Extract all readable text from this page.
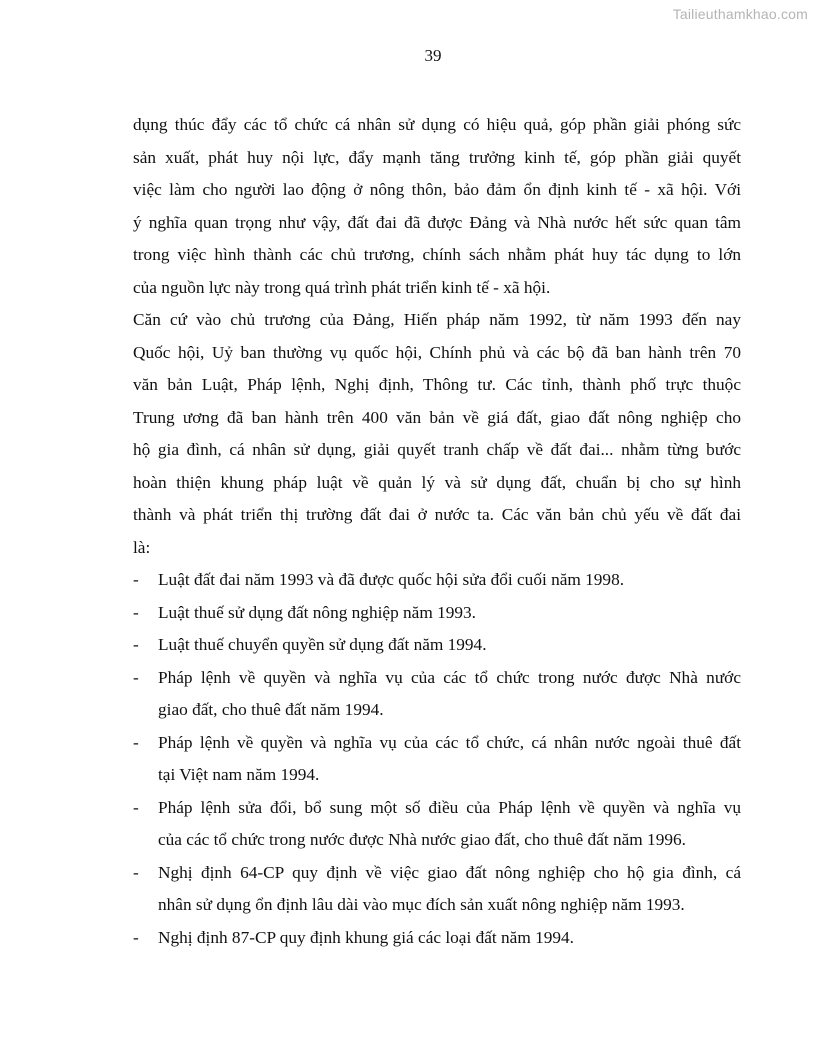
Tailieuthamkhao.com
39
dụng thúc đẩy các tổ chức cá nhân sử dụng có hiệu quả, góp phần giải phóng sức
sản xuất, phát huy nội lực, đẩy mạnh tăng trưởng kinh tế, góp phần giải quyết
việc làm cho người lao động ở nông thôn, bảo đảm ổn định kinh tế - xã hội. Với
ý nghĩa quan trọng như vậy, đất đai đã được Đảng và Nhà nước hết sức quan tâm
trong việc hình thành các chủ trương, chính sách nhằm phát huy tác dụng to lớn
của nguồn lực này trong quá trình phát triển kinh tế - xã hội.
Căn cứ vào chủ trương của Đảng, Hiến pháp năm 1992, từ năm 1993 đến nay
Quốc hội, Uỷ ban thường vụ quốc hội, Chính phủ và các bộ đã ban hành trên 70
văn bản Luật, Pháp lệnh, Nghị định, Thông tư. Các tỉnh, thành phố trực thuộc
Trung ương đã ban hành trên 400 văn bản về giá đất, giao đất nông nghiệp cho
hộ gia đình, cá nhân sử dụng, giải quyết tranh chấp về đất đai... nhằm từng bước
hoàn thiện khung pháp luật về quản lý và sử dụng đất, chuẩn bị cho sự hình
thành và phát triển thị trường đất đai ở nước ta. Các văn bản chủ yếu về đất đai
là:
- Luật đất đai năm 1993 và đã được quốc hội sửa đổi cuối năm 1998.
- Luật thuế sử dụng đất nông nghiệp năm 1993.
- Luật thuế chuyển quyền sử dụng đất năm 1994.
- Pháp lệnh về quyền và nghĩa vụ của các tổ chức trong nước được Nhà nước
giao đất, cho thuê đất năm 1994.
- Pháp lệnh về quyền và nghĩa vụ của các tổ chức, cá nhân nước ngoài thuê đất
tại Việt nam năm 1994.
- Pháp lệnh sửa đổi, bổ sung một số điều của Pháp lệnh về quyền và nghĩa vụ
của các tổ chức trong nước được Nhà nước giao đất, cho thuê đất năm 1996.
- Nghị định 64-CP quy định về việc giao đất nông nghiệp cho hộ gia đình, cá
nhân sử dụng ổn định lâu dài vào mục đích sản xuất nông nghiệp năm 1993.
- Nghị định 87-CP quy định khung giá các loại đất năm 1994.
